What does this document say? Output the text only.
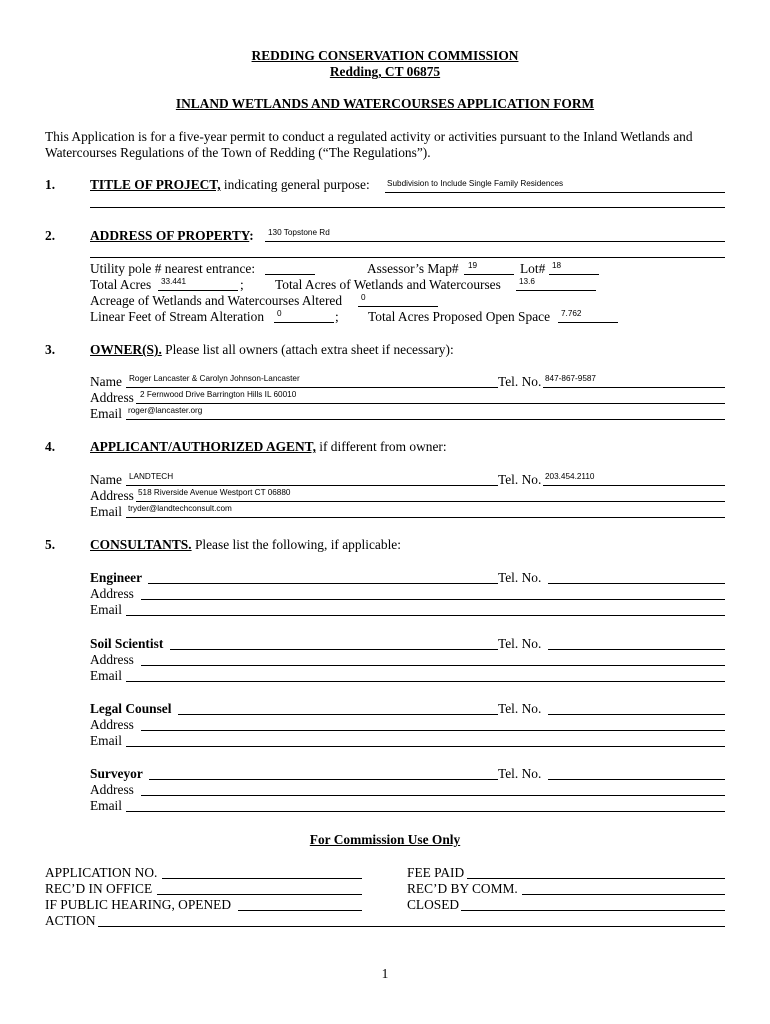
REDDING CONSERVATION COMMISSION
Redding, CT 06875
INLAND WETLANDS AND WATERCOURSES APPLICATION FORM
This Application is for a five-year permit to conduct a regulated activity or activities pursuant to the Inland Wetlands and
Watercourses Regulations of the Town of Redding (“The Regulations”).
1.	TITLE OF PROJECT, indicating general purpose: Subdivision to Include Single Family Residences
2.	ADDRESS OF PROPERTY: 130 Topstone Rd
Utility pole # nearest entrance:	Assessor’s Map# 19	Lot# 18
Total Acres 33.441	; Total Acres of Wetlands and Watercourses 13.6
Acreage of Wetlands and Watercourses Altered 0
Linear Feet of Stream Alteration 0	; Total Acres Proposed Open Space 7.762
3.	OWNER(S). Please list all owners (attach extra sheet if necessary):
Name Roger Lancaster & Carolyn Johnson-Lancaster	Tel. No. 847-867-9587
Address 2 Fernwood Drive Barrington Hills IL 60010
Email roger@lancaster.org
4.	APPLICANT/AUTHORIZED AGENT, if different from owner:
Name LANDTECH	Tel. No. 203.454.2110
Address 518 Riverside Avenue Westport CT 06880
Email tryder@landtechconsult.com
5.	CONSULTANTS. Please list the following, if applicable:
Engineer	Tel. No.
Address
Email
Soil Scientist	Tel. No.
Address
Email
Legal Counsel	Tel. No.
Address
Email
Surveyor	Tel. No.
Address
Email
For Commission Use Only
APPLICATION NO.	FEE PAID
REC’D IN OFFICE	REC’D BY COMM.
IF PUBLIC HEARING, OPENED	CLOSED
ACTION
1
